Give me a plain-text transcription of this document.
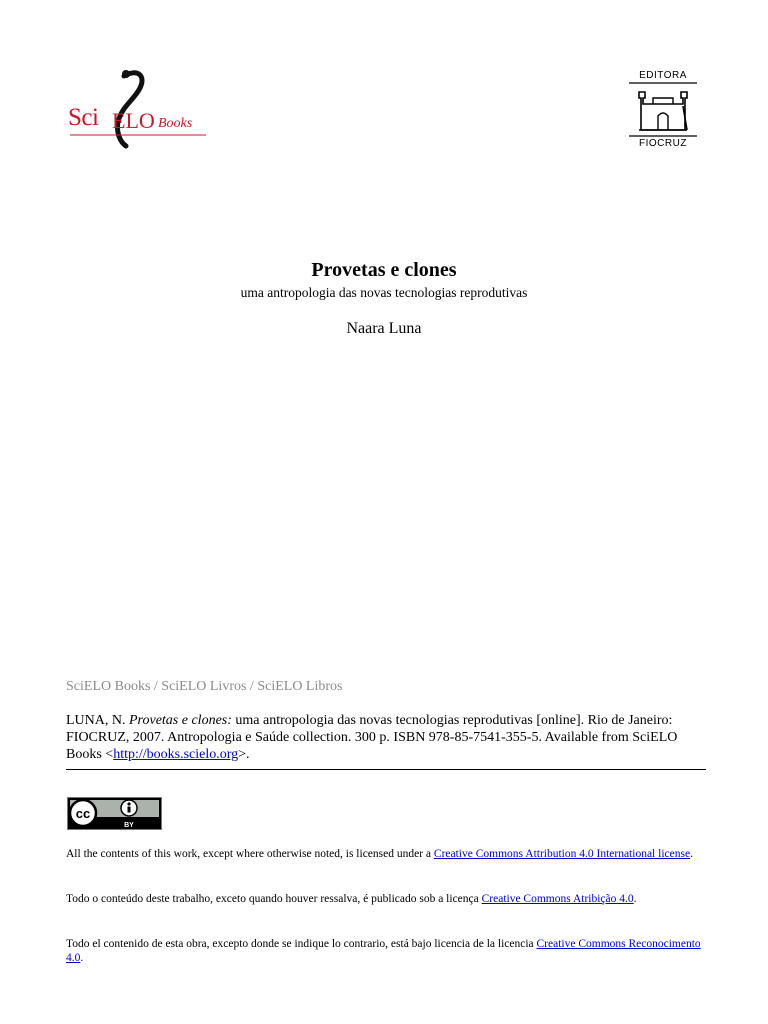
Sci ELO Books
EDITORA
FIOCRUZ
Provetas e clones
uma antropologia das novas tecnologias reprodutivas
Naara Luna
SciELO Books / SciELO Livros / SciELO Libros
LUNA, N. Provetas e clones: uma antropologia das novas tecnologias reprodutivas [online]. Rio de Janeiro: FIOCRUZ, 2007. Antropologia e Saúde collection. 300 p. ISBN 978-85-7541-355-5. Available from SciELO Books <http://books.scielo.org>.
cc
BY
All the contents of this work, except where otherwise noted, is licensed under a Creative Commons Attribution 4.0 International license.
Todo o conteúdo deste trabalho, exceto quando houver ressalva, é publicado sob a licença Creative Commons Atribição 4.0.
Todo el contenido de esta obra, excepto donde se indique lo contrario, está bajo licencia de la licencia Creative Commons Reconocimento 4.0.
